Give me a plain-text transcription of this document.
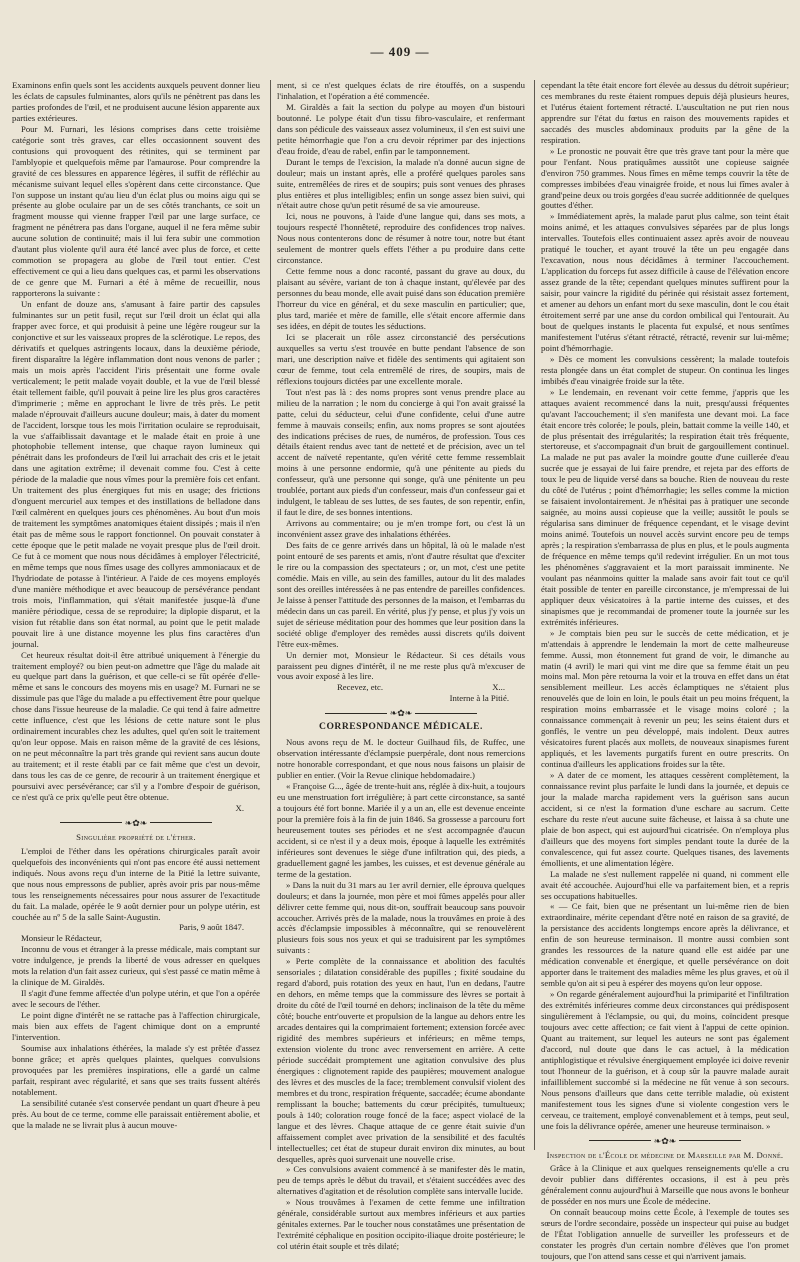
— 409 —

Examinons enfin quels sont les accidents auxquels peuvent donner lieu les éclats de capsules fulminantes, alors qu'ils ne pénètrent pas dans les parties profondes de l'œil, et ne produisent aucune lésion apparente aux parties extérieures.

Pour M. Furnari, les lésions comprises dans cette troisième catégorie sont très graves, car elles occasionnent souvent des contusions qui provoquent des rétinites, qui se terminent par l'amblyopie et quelquefois même par l'amaurose. Pour comprendre la gravité de ces blessures en apparence légères, il suffit de réfléchir au mécanisme suivant lequel elles s'opèrent dans cette circonstance. Que l'on suppose un instant qu'au lieu d'un éclat plus ou moins aigu qui se présente au globe oculaire par un de ses côtés tranchants, ce soit un fragment mousse qui vienne frapper l'œil par une large surface, ce fragment ne pénétrera pas dans l'organe, auquel il ne fera même subir aucune solution de continuité; mais il lui fera subir une commotion d'autant plus violente qu'il aura été lancé avec plus de force, et cette commotion se propagera au globe de l'œil tout entier. C'est effectivement ce qui a lieu dans quelques cas, et parmi les observations de ce genre que M. Furnari a été à même de recueillir, nous rapporterons la suivante :

Un enfant de douze ans, s'amusant à faire partir des capsules fulminantes sur un petit fusil, reçut sur l'œil droit un éclat qui alla frapper avec force, et qui produisit à peine une légère rougeur sur la conjonctive et sur les vaisseaux propres de la sclérotique. Le repos, des dérivatifs et quelques astringents locaux, dans la deuxième période, firent disparaître la légère inflammation dont nous venons de parler ; mais un mois après l'accident l'iris présentait une forme ovale verticalement; le petit malade voyait double, et la vue de l'œil blessé était tellement faible, qu'il pouvait à peine lire les plus gros caractères d'imprimerie ; même en approchant le livre de très près. Le petit malade n'éprouvait d'ailleurs aucune douleur; mais, à dater du moment de l'accident, lorsque tous les mois l'irritation oculaire se reproduisait, la vue s'affaiblissait davantage et le malade était en proie à une photophobie tellement intense, que chaque rayon lumineux qui pénétrait dans les profondeurs de l'œil lui arrachait des cris et le jetait dans une agitation extrême; il devenait comme fou. C'est à cette période de la maladie que nous vîmes pour la première fois cet enfant. Un traitement des plus énergiques fut mis en usage; des frictions d'onguent mercuriel aux tempes et des instillations de belladone dans l'œil calmèrent en quelques jours ces phénomènes. Au bout d'un mois de traitement les symptômes anatomiques étaient dissipés ; mais il n'en était pas de même sous le rapport fonctionnel. On pouvait constater à cette époque que le petit malade ne voyait presque plus de l'œil droit. Ce fut à ce moment que nous nous décidâmes à employer l'électricité, en même temps que nous fîmes usage des collyres ammoniacaux et de l'hydriodate de potasse à l'intérieur. A l'aide de ces moyens employés d'une manière méthodique et avec beaucoup de persévérance pendant trois mois, l'inflammation, qui s'était manifestée jusque-là d'une manière périodique, cessa de se reproduire; la diplopie disparut, et la vision fut rétablie dans son état normal, au point que le petit malade pouvait lire à une distance moyenne les plus fins caractères d'un journal.

Cet heureux résultat doit-il être attribué uniquement à l'énergie du traitement employé? ou bien peut-on admettre que l'âge du malade ait eu quelque part dans la guérison, et que celle-ci se fût opérée d'elle-même et sans le concours des moyens mis en usage? M. Furnari ne se dissimule pas que l'âge du malade a pu effectivement être pour quelque chose dans l'issue heureuse de la maladie. Ce qui tend à faire admettre cette influence, c'est que les lésions de cette nature sont le plus ordinairement incurables chez les adultes, quel qu'en soit le traitement qu'on leur oppose. Mais en raison même de la gravité de ces lésions, on ne peut méconnaître la part très grande qui revient sans aucun doute au traitement; et il reste établi par ce fait même que c'est un devoir, dans tous les cas de ce genre, de recourir à un traitement énergique et poursuivi avec persévérance; car s'il y a l'ombre d'espoir de guérison, ce n'est qu'à ce prix qu'elle peut être obtenue.

X.

❧✿❧
Singulière propriété de l'éther.

L'emploi de l'éther dans les opérations chirurgicales paraît avoir quelquefois des inconvénients qui n'ont pas encore été aussi nettement indiqués. Nous avons reçu d'un interne de la Pitié la lettre suivante, que nous nous empressons de publier, après avoir pris par nous-même tous les renseignements nécessaires pour nous assurer de l'exactitude du fait. La malade, opérée le 9 août dernier pour un polype utérin, est couchée au nº 5 de la salle Saint-Augustin.

Paris, 9 août 1847.

Monsieur le Rédacteur,

Inconnu de vous et étranger à la presse médicale, mais comptant sur votre indulgence, je prends la liberté de vous adresser en quelques mots la relation d'un fait assez curieux, qui s'est passé ce matin même à la clinique de M. Giraldès.

Il s'agit d'une femme affectée d'un polype utérin, et que l'on a opérée avec le secours de l'éther.

Le point digne d'intérêt ne se rattache pas à l'affection chirurgicale, mais bien aux effets de l'agent chimique dont on a emprunté l'intervention.

Soumise aux inhalations éthérées, la malade s'y est prêtée d'assez bonne grâce; et après quelques plaintes, quelques convulsions provoquées par les premières inspirations, elle a gardé un calme parfait, respirant avec régularité, et sans que ses traits fussent altérés notablement.

La sensibilité cutanée s'est conservée pendant un quart d'heure à peu près. Au bout de ce terme, comme elle paraissait entièrement abolie, et que la malade ne se livrait plus à aucun mouve-

ment, si ce n'est quelques éclats de rire étouffés, on a suspendu l'inhalation, et l'opération a été commencée.

M. Giraldès a fait la section du polype au moyen d'un bistouri boutonné. Le polype était d'un tissu fibro-vasculaire, et renfermant dans son pédicule des vaisseaux assez volumineux, il s'en est suivi une petite hémorrhagie que l'on a cru devoir réprimer par des injections d'eau froide, d'eau de rabel, enfin par le tamponnement.

Durant le temps de l'excision, la malade n'a donné aucun signe de douleur; mais un instant après, elle a proféré quelques paroles sans suite, entremêlées de rires et de soupirs; puis sont venues des phrases plus entières et plus intelligibles; enfin un songe assez bien suivi, qui n'était autre chose qu'un petit résumé de sa vie amoureuse.

Ici, nous ne pouvons, à l'aide d'une langue qui, dans ses mots, a toujours respecté l'honnêteté, reproduire des confidences trop naïves. Nous nous contenterons donc de résumer à notre tour, notre but étant seulement de montrer quels effets l'éther a pu produire dans cette circonstance.

Cette femme nous a donc raconté, passant du grave au doux, du plaisant au sévère, variant de ton à chaque instant, qu'élevée par des personnes du beau monde, elle avait puisé dans son éducation première l'horreur du vice en général, et du sexe masculin en particulier; que, plus tard, mariée et mère de famille, elle s'était encore affermie dans ses idées, en dépit de toutes les séductions.

Ici se placerait un rôle assez circonstancié des persécutions auxquelles sa vertu s'est trouvée en butte pendant l'absence de son mari, une description naïve et fidèle des sentiments qui agitaient son cœur de femme, tout cela entremêlé de rires, de soupirs, mais de réflexions toujours dictées par une excellente morale.

Tout n'est pas là : des noms propres sont venus prendre place au milieu de la narration ; le nom du concierge à qui l'on avait graissé la patte, celui du séducteur, celui d'une confidente, celui d'une autre femme à mauvais conseils; enfin, aux noms propres se sont ajoutées des indications précises de rues, de numéros, de profession. Tous ces détails étaient rendus avec tant de netteté et de précision, avec un tel accent de naïveté repentante, qu'en vérité cette femme ressemblait moins à une personne endormie, qu'à une pénitente au pieds du confesseur, qu'à une personne qui songe, qu'à une pénitente un peu troublée, portant aux pieds d'un confesseur, mais d'un confesseur gai et indulgent, le tableau de ses luttes, de ses fautes, de son repentir, enfin, il faut le dire, de ses bonnes intentions.

Arrivons au commentaire; ou je m'en trompe fort, ou c'est là un inconvénient assez grave des inhalations éthérées.

Des faits de ce genre arrivés dans un hôpital, là où le malade n'est point entouré de ses parents et amis, n'ont d'autre résultat que d'exciter le rire ou la compassion des spectateurs ; or, un mot, c'est une petite comédie. Mais en ville, au sein des familles, autour du lit des malades sont des oreilles intéressées à ne pas entendre de pareilles confidences. Je laisse à penser l'attitude des personnes de la maison, et l'embarras du médecin dans un cas pareil. En vérité, plus j'y pense, et plus j'y vois un sujet de sérieuse méditation pour des hommes que leur position dans la société oblige d'employer des remèdes aussi discrets qu'ils doivent l'être eux-mêmes.

Un dernier mot, Monsieur le Rédacteur. Si ces détails vous paraissent peu dignes d'intérêt, il ne me reste plus qu'à m'excuser de vous avoir exposé à les lire.

Recevez, etc.	X...

Interne à la Pitié.

❧✿❧
CORRESPONDANCE MÉDICALE.

Nous avons reçu de M. le docteur Guilhaud fils, de Ruffec, une observation intéressante d'éclampsie puerpérale, dont nous remercions notre honorable correspondant, et que nous nous faisons un plaisir de publier en entier. (Voir la Revue clinique hebdomadaire.)

« Françoise G..., âgée de trente-huit ans, réglée à dix-huit, a toujours eu une menstruation fort irrégulière; à part cette circonstance, sa santé a toujours été fort bonne. Mariée il y a un an, elle est devenue enceinte pour la première fois à la fin de juin 1846. Sa grossesse a parcouru fort heureusement toutes ses périodes et ne s'est accompagnée d'aucun accident, si ce n'est il y a deux mois, époque à laquelle les extrémités inférieures sont devenues le siège d'une infiltration qui, des pieds, a graduellement gagné les jambes, les cuisses, et est devenue générale au terme de la gestation.

» Dans la nuit du 31 mars au 1er avril dernier, elle éprouva quelques douleurs; et dans la journée, mon père et moi fûmes appelés pour aller délivrer cette femme qui, nous dit-on, souffrait beaucoup sans pouvoir accoucher. Arrivés près de la malade, nous la trouvâmes en proie à des accès d'éclampsie impossibles à méconnaître, qui se renouvelèrent plusieurs fois sous nos yeux et qui se traduisirent par les symptômes suivants :

» Perte complète de la connaissance et abolition des facultés sensoriales ; dilatation considérable des pupilles ; fixité soudaine du regard d'abord, puis rotation des yeux en haut, l'un en dedans, l'autre en dehors, en même temps que la commissure des lèvres se portait à droite du côté de l'œil tourné en dehors; inclinaison de la tête du même côté; bouche entr'ouverte et propulsion de la langue au dehors entre les arcades dentaires qui la comprimaient fortement; extension forcée avec rigidité des membres supérieurs et inférieurs; en même temps, extension violente du tronc avec renversement en arrière. A cette période succédait promptement une agitation convulsive des plus énergiques : clignotement rapide des paupières; mouvement analogue des lèvres et des muscles de la face; tremblement convulsif violent des membres et du tronc, respiration fréquente, saccadée; écume abondante remplissant la bouche; battements du cœur précipités, tumultueux; pouls à 140; coloration rouge foncé de la face; aspect violacé de la langue et des lèvres. Chaque attaque de ce genre était suivie d'un affaissement complet avec privation de la sensibilité et des facultés intellectuelles; cet état de stupeur durait environ dix minutes, au bout desquelles, après quoi survenait une nouvelle crise.

» Ces convulsions avaient commencé à se manifester dès le matin, peu de temps après le début du travail, et s'étaient succédées avec des alternatives d'agitation et de résolution complète sans intervalle lucide.

» Nous trouvâmes à l'examen de cette femme une infiltration générale, considérable surtout aux membres inférieurs et aux parties génitales externes. Par le toucher nous constatâmes une présentation de l'extrémité céphalique en position occipito-iliaque droite postérieure; le col utérin était souple et très dilaté;

cependant la tête était encore fort élevée au dessus du détroit supérieur; ces membranes du reste étaient rompues depuis déjà plusieurs heures, et l'utérus étaient fortement rétracté. L'auscultation ne put rien nous apprendre sur l'état du fœtus en raison des mouvements rapides et saccadés des muscles abdominaux produits par la gêne de la respiration.

» Le pronostic ne pouvait être que très grave tant pour la mère que pour l'enfant. Nous pratiquâmes aussitôt une copieuse saignée d'environ 750 grammes. Nous fîmes en même temps couvrir la tête de compresses imbibées d'eau vinaigrée froide, et nous lui fîmes avaler à grand'peine deux ou trois gorgées d'eau sucrée additionnée de quelques gouttes d'éther.

» Immédiatement après, la malade parut plus calme, son teint était moins animé, et les attaques convulsives séparées par de plus longs intervalles. Toutefois elles continuaient assez après avoir de nouveau pratiqué le toucher, et ayant trouvé la tête un peu engagée dans l'excavation, nous nous décidâmes à terminer l'accouchement. L'application du forceps fut assez difficile à cause de l'élévation encore assez grande de la tête; cependant quelques minutes suffirent pour la saisir, pour vaincre la rigidité du périnée qui résistait assez fortement, et amener au dehors un enfant mort du sexe masculin, dont le cou était étroitement serré par une anse du cordon ombilical qui l'entourait. Au bout de quelques instants le placenta fut expulsé, et nous sentîmes manifestement l'utérus s'étant rétracté, rétracté, revenir sur lui-même; point d'hémorrhagie.

» Dès ce moment les convulsions cessèrent; la malade toutefois resta plongée dans un état complet de stupeur. On continua les linges imbibés d'eau vinaigrée froide sur la tête.

» Le lendemain, en revenant voir cette femme, j'appris que les attaques avaient recommencé dans la nuit, presqu'aussi fréquentes qu'avant l'accouchement; il s'en manifesta une devant moi. La face était encore très colorée; le pouls, plein, battait comme la veille 140, et de plus présentait des irrégularités; la respiration était très fréquente, stertoreuse, et s'accompagnait d'un bruit de gargouillement continuel. La malade ne put pas avaler la moindre goutte d'une cuillerée d'eau sucrée que je essayai de lui faire prendre, et rejeta par des efforts de toux le peu de liquide versé dans sa bouche. Rien de nouveau du reste du côté de l'utérus ; point d'hémorrhagie; les selles comme la miction se faisaient involontairement. Je n'hésitai pas à pratiquer une seconde saignée, au moins aussi copieuse que la veille; aussitôt le pouls se régularisa sans diminuer de fréquence cependant, et le visage devint moins animé. Toutefois un nouvel accès survint encore peu de temps après ; la respiration s'embarrassa de plus en plus, et le pouls augmenta de fréquence en même temps qu'il redevint irrégulier. En un mot tous les phénomènes s'aggravaient et la mort paraissait imminente. Ne voulant pas néanmoins quitter la malade sans avoir fait tout ce qu'il était possible de tenter en pareille circonstance, je m'empressai de lui appliquer deux vésicatoires à la partie interne des cuisses, et des sinapismes que je recommandai de promener toute la journée sur les extrémités inférieures.

» Je comptais bien peu sur le succès de cette médication, et je m'attendais à apprendre le lendemain la mort de cette malheureuse femme. Aussi, mon étonnement fut grand de voir, le dimanche au matin (4 avril) le mari qui vint me dire que sa femme était un peu moins mal. Mon père retourna la voir et la trouva en effet dans un état sensiblement meilleur. Les accès éclamptiques ne s'étaient plus renouvelés que de loin en loin, le pouls était un peu moins fréquent, la respiration moins embarrassée et le visage moins coloré ; la connaissance commençait à revenir un peu; les seins étaient durs et gonflés, le ventre un peu développé, mais indolent. Deux autres vésicatoires furent placés aux mollets, de nouveaux sinapismes furent appliqués, et les lavements purgatifs furent en outre prescrits. On continua d'ailleurs les applications froides sur la tête.

» A dater de ce moment, les attaques cessèrent complètement, la connaissance revint plus parfaite le lundi dans la journée, et depuis ce jour la malade marcha rapidement vers la guérison sans aucun accident, si ce n'est la formation d'une eschare au sacrum. Cette eschare du reste n'eut aucune suite fâcheuse, et laissa à sa chute une plaie de bon aspect, qui est aujourd'hui cicatrisée. On n'employa plus d'ailleurs que des moyens fort simples pendant toute la durée de la convalescence, qui fut assez courte. Quelques tisanes, des lavements émollients, et une alimentation légère.

La malade ne s'est nullement rappelée ni quand, ni comment elle avait été accouchée. Aujourd'hui elle va parfaitement bien, et a repris ses occupations habituelles.

« — Ce fait, bien que ne présentant un lui-même rien de bien extraordinaire, mérite cependant d'être noté en raison de sa gravité, de la persistance des accidents longtemps encore après la délivrance, et enfin de son heureuse terminaison. Il montre aussi combien sont grandes les ressources de la nature quand elle est aidée par une médication convenable et énergique, et quelle persévérance on doit apporter dans le traitement des maladies même les plus graves, et où il semble qu'on ait si peu à espérer des moyens qu'on leur oppose.

» On regarde généralement aujourd'hui la primiparité et l'infiltration des extrémités inférieures comme deux circonstances qui prédisposent singulièrement à l'éclampsie, ou qui, du moins, coïncident presque toujours avec cette affection; ce fait vient à l'appui de cette opinion. Quant au traitement, sur lequel les auteurs ne sont pas également d'accord, nul doute que dans le cas actuel, à la médication antiphlogistique et révulsive énergiquement employée ici doive revenir tout l'honneur de la guérison, et à coup sûr la pauvre malade aurait infailliblement succombé si la médecine ne fût venue à son secours. Nous pensons d'ailleurs que dans cette terrible maladie, où existent manifestement tous les signes d'une si violente congestion vers le cerveau, ce traitement, employé convenablement et à temps, peut seul, une fois la délivrance opérée, amener une heureuse terminaison. »

❧✿❧
Inspection de l'École de médecine de Marseille par M. Donné.

Grâce à la Clinique et aux quelques renseignements qu'elle a cru devoir publier dans différentes occasions, il est à peu près généralement connu aujourd'hui à Marseille que nous avons le bonheur de posséder en nos murs une École de médecine.

On connaît beaucoup moins cette École, à l'exemple de toutes ses sœurs de l'ordre secondaire, possède un inspecteur qui puise au budget de l'État l'obligation annuelle de surveiller les professeurs et de constater les progrès d'un certain nombre d'élèves que l'on promet toujours, que l'on attend sans cesse et qui n'arrivent jamais.
